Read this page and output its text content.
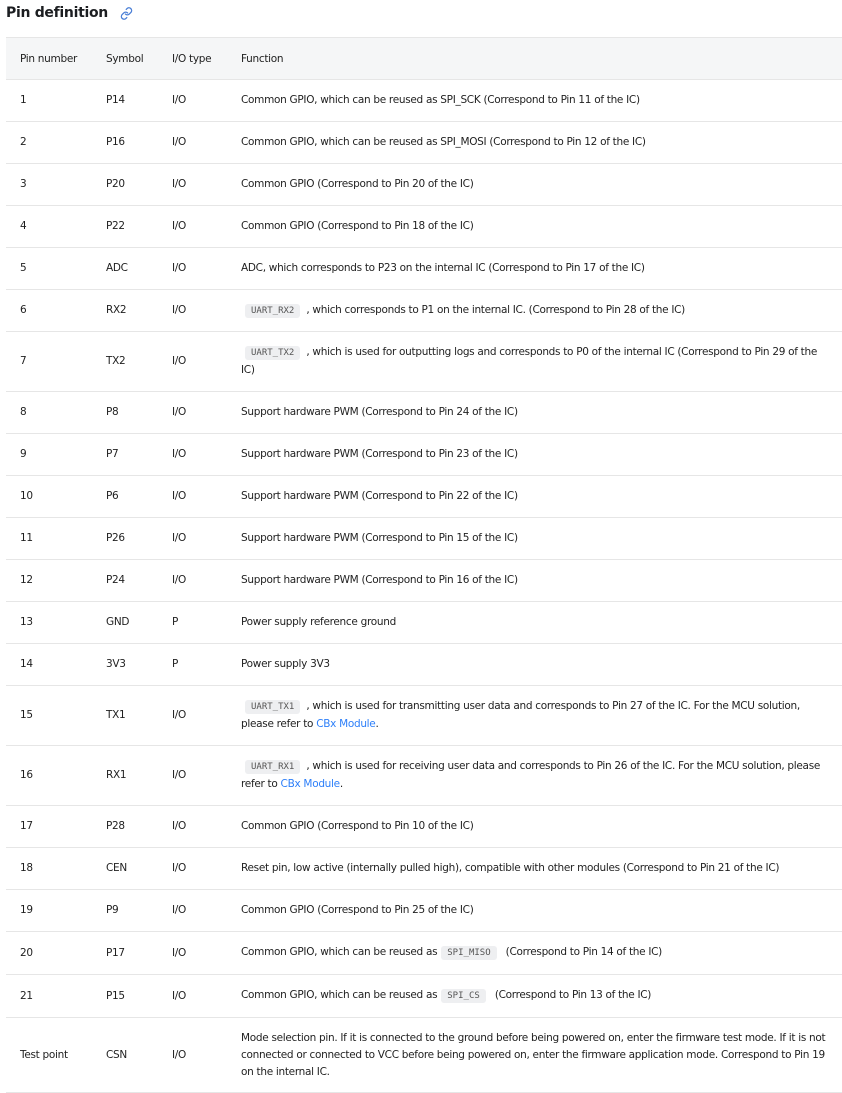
Pin definition
Pin number	Symbol	I/O type	Function
1	P14	I/O	Common GPIO, which can be reused as SPI_SCK (Correspond to Pin 11 of the IC)
2	P16	I/O	Common GPIO, which can be reused as SPI_MOSI (Correspond to Pin 12 of the IC)
3	P20	I/O	Common GPIO (Correspond to Pin 20 of the IC)
4	P22	I/O	Common GPIO (Correspond to Pin 18 of the IC)
5	ADC	I/O	ADC, which corresponds to P23 on the internal IC (Correspond to Pin 17 of the IC)
6	RX2	I/O	UART_RX2 , which corresponds to P1 on the internal IC. (Correspond to Pin 28 of the IC)
7	TX2	I/O	UART_TX2 , which is used for outputting logs and corresponds to P0 of the internal IC (Correspond to Pin 29 of the IC)
8	P8	I/O	Support hardware PWM (Correspond to Pin 24 of the IC)
9	P7	I/O	Support hardware PWM (Correspond to Pin 23 of the IC)
10	P6	I/O	Support hardware PWM (Correspond to Pin 22 of the IC)
11	P26	I/O	Support hardware PWM (Correspond to Pin 15 of the IC)
12	P24	I/O	Support hardware PWM (Correspond to Pin 16 of the IC)
13	GND	P	Power supply reference ground
14	3V3	P	Power supply 3V3
15	TX1	I/O	UART_TX1 , which is used for transmitting user data and corresponds to Pin 27 of the IC. For the MCU solution, please refer to CBx Module.
16	RX1	I/O	UART_RX1 , which is used for receiving user data and corresponds to Pin 26 of the IC. For the MCU solution, please refer to CBx Module.
17	P28	I/O	Common GPIO (Correspond to Pin 10 of the IC)
18	CEN	I/O	Reset pin, low active (internally pulled high), compatible with other modules (Correspond to Pin 21 of the IC)
19	P9	I/O	Common GPIO (Correspond to Pin 25 of the IC)
20	P17	I/O	Common GPIO, which can be reused as SPI_MISO (Correspond to Pin 14 of the IC)
21	P15	I/O	Common GPIO, which can be reused as SPI_CS (Correspond to Pin 13 of the IC)
Test point	CSN	I/O	Mode selection pin. If it is connected to the ground before being powered on, enter the firmware test mode. If it is not connected or connected to VCC before being powered on, enter the firmware application mode. Correspond to Pin 19 on the internal IC.
